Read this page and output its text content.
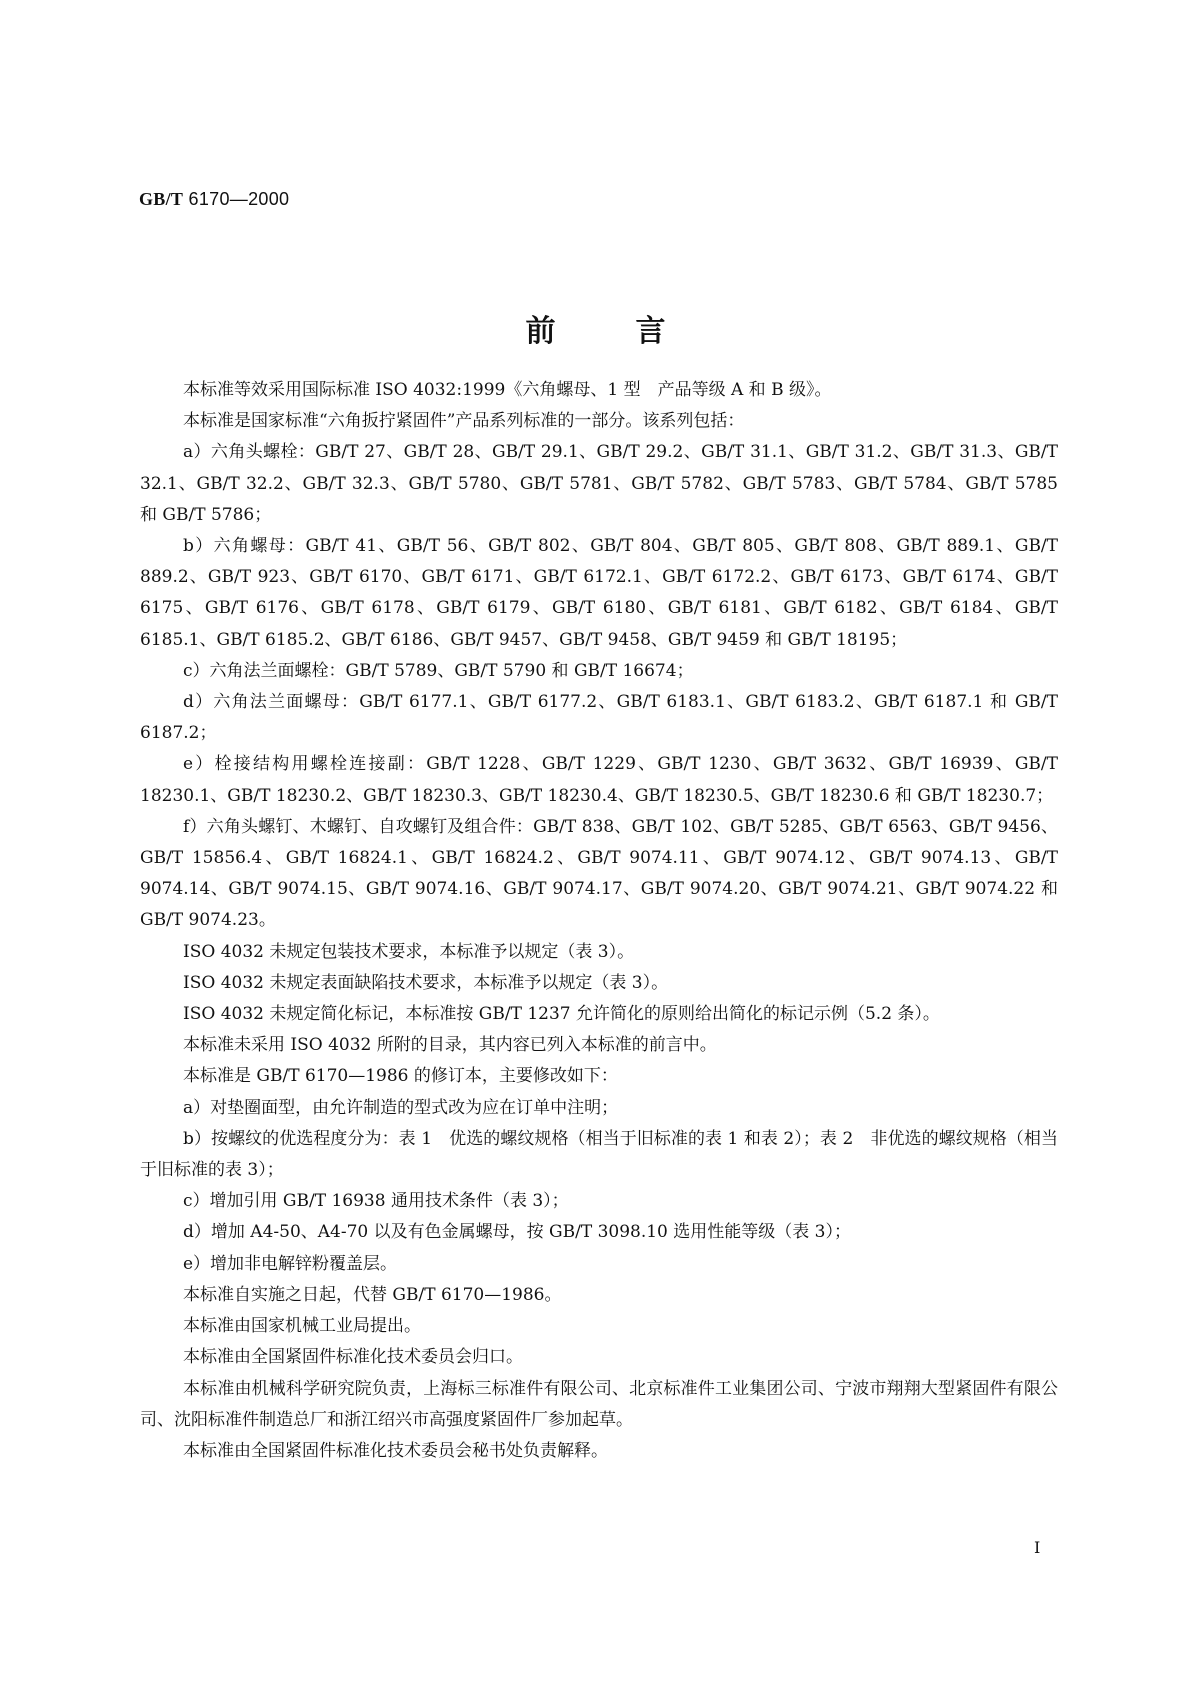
GB/T 6170—2000
前言

本标准等效采用国际标准 ISO 4032:1999《六角螺母、1 型　产品等级 A 和 B 级》。

本标准是国家标准“六角扳拧紧固件”产品系列标准的一部分。该系列包括：

a）六角头螺栓：GB/T 27、GB/T 28、GB/T 29.1、GB/T 29.2、GB/T 31.1、GB/T 31.2、GB/T 31.3、GB/T 32.1、GB/T 32.2、GB/T 32.3、GB/T 5780、GB/T 5781、GB/T 5782、GB/T 5783、GB/T 5784、GB/T 5785 和 GB/T 5786；

b）六角螺母：GB/T 41、GB/T 56、GB/T 802、GB/T 804、GB/T 805、GB/T 808、GB/T 889.1、GB/T 889.2、GB/T 923、GB/T 6170、GB/T 6171、GB/T 6172.1、GB/T 6172.2、GB/T 6173、GB/T 6174、GB/T 6175、GB/T 6176、GB/T 6178、GB/T 6179、GB/T 6180、GB/T 6181、GB/T 6182、GB/T 6184、GB/T 6185.1、GB/T 6185.2、GB/T 6186、GB/T 9457、GB/T 9458、GB/T 9459 和 GB/T 18195；

c）六角法兰面螺栓：GB/T 5789、GB/T 5790 和 GB/T 16674；

d）六角法兰面螺母：GB/T 6177.1、GB/T 6177.2、GB/T 6183.1、GB/T 6183.2、GB/T 6187.1 和 GB/T 6187.2；

e）栓接结构用螺栓连接副：GB/T 1228、GB/T 1229、GB/T 1230、GB/T 3632、GB/T 16939、GB/T 18230.1、GB/T 18230.2、GB/T 18230.3、GB/T 18230.4、GB/T 18230.5、GB/T 18230.6 和 GB/T 18230.7；

f）六角头螺钉、木螺钉、自攻螺钉及组合件：GB/T 838、GB/T 102、GB/T 5285、GB/T 6563、GB/T 9456、GB/T 15856.4、GB/T 16824.1、GB/T 16824.2、GB/T 9074.11、GB/T 9074.12、GB/T 9074.13、GB/T 9074.14、GB/T 9074.15、GB/T 9074.16、GB/T 9074.17、GB/T 9074.20、GB/T 9074.21、GB/T 9074.22 和 GB/T 9074.23。

ISO 4032 未规定包装技术要求，本标准予以规定（表 3）。

ISO 4032 未规定表面缺陷技术要求，本标准予以规定（表 3）。

ISO 4032 未规定简化标记，本标准按 GB/T 1237 允许简化的原则给出简化的标记示例（5.2 条）。

本标准未采用 ISO 4032 所附的目录，其内容已列入本标准的前言中。

本标准是 GB/T 6170—1986 的修订本，主要修改如下：

a）对垫圈面型，由允许制造的型式改为应在订单中注明；

b）按螺纹的优选程度分为：表 1　优选的螺纹规格（相当于旧标准的表 1 和表 2）；表 2　非优选的螺纹规格（相当于旧标准的表 3）；

c）增加引用 GB/T 16938 通用技术条件（表 3）；

d）增加 A4-50、A4-70 以及有色金属螺母，按 GB/T 3098.10 选用性能等级（表 3）；

e）增加非电解锌粉覆盖层。

本标准自实施之日起，代替 GB/T 6170—1986。

本标准由国家机械工业局提出。

本标准由全国紧固件标准化技术委员会归口。

本标准由机械科学研究院负责，上海标三标准件有限公司、北京标准件工业集团公司、宁波市翔翔大型紧固件有限公司、沈阳标准件制造总厂和浙江绍兴市高强度紧固件厂参加起草。

本标准由全国紧固件标准化技术委员会秘书处负责解释。

I
